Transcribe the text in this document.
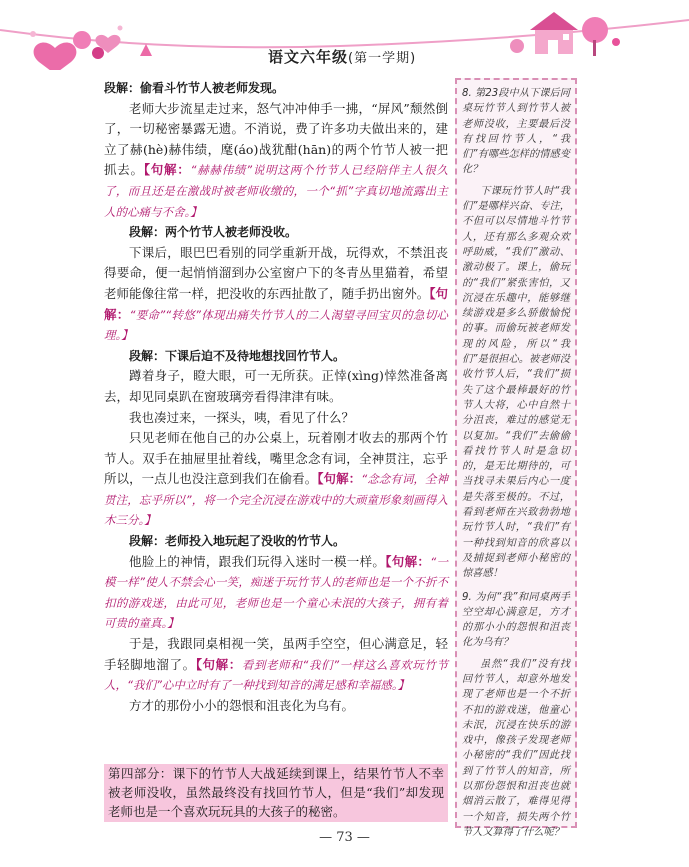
语文六年级(第一学期)

段解：偷看斗竹节人被老师发现。

老师大步流星走过来，怒气冲冲伸手一拂，“屏风”颓然倒了，一切秘密暴露无遗。不消说，费了许多功夫做出来的，建立了赫(hè)赫伟绩，麾(áo)战犹酣(hān)的两个竹节人被一把抓去。【句解：“赫赫伟绩”说明这两个竹节人已经陪伴主人很久了，而且还是在激战时被老师收缴的，一个“抓”字真切地流露出主人的心痛与不舍。】

段解：两个竹节人被老师没收。

下课后，眼巴巴看别的同学重新开战，玩得欢，不禁沮丧得要命，便一起悄悄溜到办公室窗户下的冬青丛里猫着，希望老师能像往常一样，把没收的东西扯散了，随手扔出窗外。【句解：“要命”“转悠”体现出痛失竹节人的二人渴望寻回宝贝的急切心理。】

段解：下课后迫不及待地想找回竹节人。

蹲着身子，瞪大眼，可一无所获。正悻(xìng)悻然准备离去，却见同桌趴在窗玻璃旁看得津津有味。

我也凑过来，一探头，咦，看见了什么？

只见老师在他自己的办公桌上，玩着刚才收去的那两个竹节人。双手在抽屉里扯着线，嘴里念念有词，全神贯注，忘乎所以，一点儿也没注意到我们在偷看。【句解：“念念有词，全神贯注，忘乎所以”，将一个完全沉浸在游戏中的大顽童形象刻画得入木三分。】

段解：老师投入地玩起了没收的竹节人。

他脸上的神情，跟我们玩得入迷时一模一样。【句解：“一模一样”使人不禁会心一笑，痴迷于玩竹节人的老师也是一个不折不扣的游戏迷，由此可见，老师也是一个童心未泯的大孩子，拥有着可贵的童真。】

于是，我跟同桌相视一笑，虽两手空空，但心满意足，轻手轻脚地溜了。【句解：看到老师和“我们”一样这么喜欢玩竹节人，“我们”心中立时有了一种找到知音的满足感和幸福感。】

方才的那份小小的怨恨和沮丧化为乌有。

第四部分：课下的竹节人大战延续到课上，结果竹节人不幸被老师没收，虽然最终没有找回竹节人，但是“我们”却发现老师也是一个喜欢玩玩具的大孩子的秘密。

8. 第23段中从下课后同桌玩竹节人到竹节人被老师没收，主要最后没有找回竹节人，“我们”有哪些怎样的情感变化？

下课玩竹节人时“我们”是哪样兴奋、专注，不但可以尽情地斗竹节人，还有那么多观众欢呼助威，“我们”激动、激动极了。课上，偷玩的“我们”紧张害怕，又沉浸在乐趣中，能够继续游戏是多么骄傲愉悦的事。而偷玩被老师发现的风险，所以“我们”是很担心。被老师没收竹节人后，“我们”损失了这个最棒最好的竹节人大将，心中自然十分沮丧，难过的感觉无以复加。“我们”去偷偷看找竹节人时是急切的，是无比期待的，可当找寻未果后内心一度是失落至极的。不过，看到老师在兴致勃勃地玩竹节人时，“我们”有一种找到知音的欣喜以及捕捉到老师小秘密的惊喜感！

9. 为何“我”和同桌两手空空却心满意足，方才的那小小的怨恨和沮丧化为乌有？

虽然“我们”没有找回竹节人，却意外地发现了老师也是一个不折不扣的游戏迷，他童心未泯，沉浸在快乐的游戏中，像孩子发现老师小秘密的“我们”因此找到了竹节人的知音，所以那份怨恨和沮丧也就烟消云散了，难得见得一个知音，损失两个竹节人又算得了什么呢？

— 73 —
